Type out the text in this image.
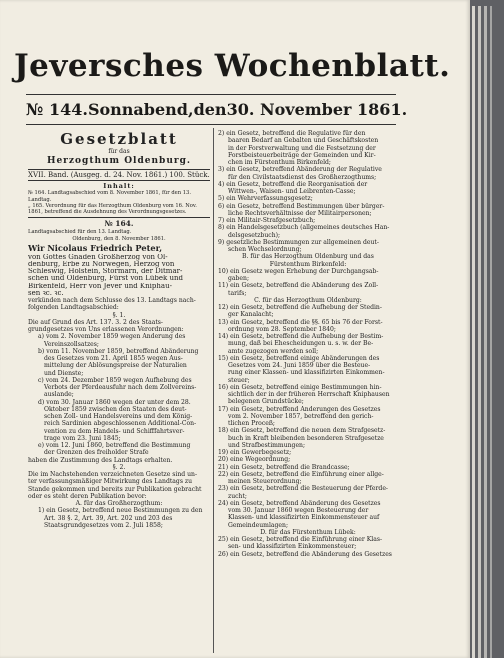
Jeversches Wochenblatt.
№ 144. Sonnabend, den 30. November 1861.
Gesetzblatt
für das
Herzogthum Oldenburg.
XVII. Band. (Ausgeg. d. 24. Nov. 1861.) 100. Stück.
Inhalt:
№ 164. Landtagsabschied vom 8. November 1861, für den 13.
Landtag.
„ 165. Verordnung für das Herzogthum Oldenburg vom 16. Nov.
1861, betreffend die Ausdehnung des Verordnungsgesetzes.
№ 164.
Landtagsabschied für den 13. Landtag.
Oldenburg, den 8. November 1861.
Wir Nicolaus Friedrich Peter,
von Gottes Gnaden Großherzog von Ol-
denburg, Erbe zu Norwegen, Herzog von
Schleswig, Holstein, Stormarn, der Ditmar-
schen und Oldenburg, Fürst von Lübek und
Birkenfeld, Herr von Jever und Kniphau-
sen ꝛc. ꝛc.
verkünden nach dem Schlusse des 13. Landtags nach-
folgenden Landtagsabschied:
§. 1.
Die auf Grund des Art. 137. 3. 2 des Staats-
grundgesetzes von Uns erlassenen Verordnungen:
a) vom 2. November 1859 wegen Änderung des
Vereinszollsatzes;
b) vom 11. November 1859, betreffend Abänderung
des Gesetzes vom 21. April 1855 wegen Aus-
mittelung der Ablösungspreise der Naturalien
und Dienste;
c) vom 24. Dezember 1859 wegen Aufhebung des
Verbots der Pferdeausfuhr nach dem Zollvereins-
auslande;
d) vom 30. Januar 1860 wegen der unter dem 28.
Oktober 1859 zwischen den Staaten des deut-
schen Zoll- und Handelsvereins und dem König-
reich Sardinien abgeschlossenen Additional-Con-
vention zu dem Handels- und Schifffahrtsver-
trage vom 23. Juni 1845;
e) vom 12. Juni 1860, betreffend die Bestimmung
der Grenzen des freiholder Strafe
haben die Zustimmung des Landtags erhalten.
§. 2.
Die im Nachstehenden verzeichneten Gesetze sind un-
ter verfassungsmäßiger Mitwirkung des Landtags zu
Stande gekommen und bereits zur Publikation gebracht
oder es steht deren Publikation bevor:
A. für das Großherzogthum:
1) ein Gesetz, betreffend neue Bestimmungen zu den
Art. 38 §. 2, Art. 39, Art. 202 und 203 des
Staatsgrundgesetzes vom 2. Juli 1858;
2) ein Gesetz, betreffend die Regulative für den
baaren Bedarf an Gebalten und Geschäftskosten
in der Forstverwaltung und die Festsetzung der
Forstbeisteuerbeiträge der Gemeinden und Kir-
chen im Fürstenthum Birkenfeld;
3) ein Gesetz, betreffend Abänderung der Regulative
für den Civilstaatsdienst des Großherzogthums;
4) ein Gesetz, betreffend die Reorganisation der
Wittwen-, Waisen- und Leibrenten-Casse;
5) ein Wehrverfassungsgesetz;
6) ein Gesetz, betreffend Bestimmungen über bürger-
liche Rechtsverhältnisse der Militairpersonen;
7) ein Militair-Strafgesetzbuch;
8) ein Handelsgesetzbuch (allgemeines deutsches Han-
delsgesetzbuch);
9) gesetzliche Bestimmungen zur allgemeinen deut-
schen Wechselordnung;
B. für das Herzogthum Oldenburg und das
Fürstenthum Birkenfeld:
10) ein Gesetz wegen Erhebung der Durchgangsab-
gaben;
11) ein Gesetz, betreffend die Abänderung des Zoll-
tarifs;
C. für das Herzogthum Oldenburg:
12) ein Gesetz, betreffend die Aufhebung der Stedin-
ger Kanalacht;
13) ein Gesetz, betreffend die §§. 65 bis 76 der Forst-
ordnung vom 28. September 1840;
14) ein Gesetz, betreffend die Aufhebung der Bestim-
mung, daß bei Ehescheidungen u. s. w. der Be-
amte zugezogen werden soll;
15) ein Gesetz, betreffend einige Abänderungen des
Gesetzes vom 24. Juni 1859 über die Besteue-
rung einer Klassen- und klassifizirten Einkommen-
steuer;
16) ein Gesetz, betreffend einige Bestimmungen hin-
sichtlich der in der früheren Herrschaft Kniphausen
belegenen Grundstücke;
17) ein Gesetz, betreffend Änderungen des Gesetzes
vom 2. November 1857, betreffend den gerich-
tlichen Proceß;
18) ein Gesetz, betreffend die neuen dem Strafgesetz-
buch in Kraft bleibenden besonderen Strafgesetze
und Strafbestimmungen;
19) ein Gewerbegesetz;
20) eine Wegeordnung;
21) ein Gesetz, betreffend die Brandcasse;
22) ein Gesetz, betreffend die Einführung einer allge-
meinen Steuerordnung;
23) ein Gesetz, betreffend die Besteuerung der Pferde-
zucht;
24) ein Gesetz, betreffend Abänderung des Gesetzes
vom 30. Januar 1860 wegen Besteuerung der
Klassen- und klassifizirten Einkommensteuer auf
Gemeindeumlagen;
D. für das Fürstenthum Lübek:
25) ein Gesetz, betreffend die Einführung einer Klas-
sen- und klassifizirten Einkommensteuer;
26) ein Gesetz, betreffend die Abänderung des Gesetzes
